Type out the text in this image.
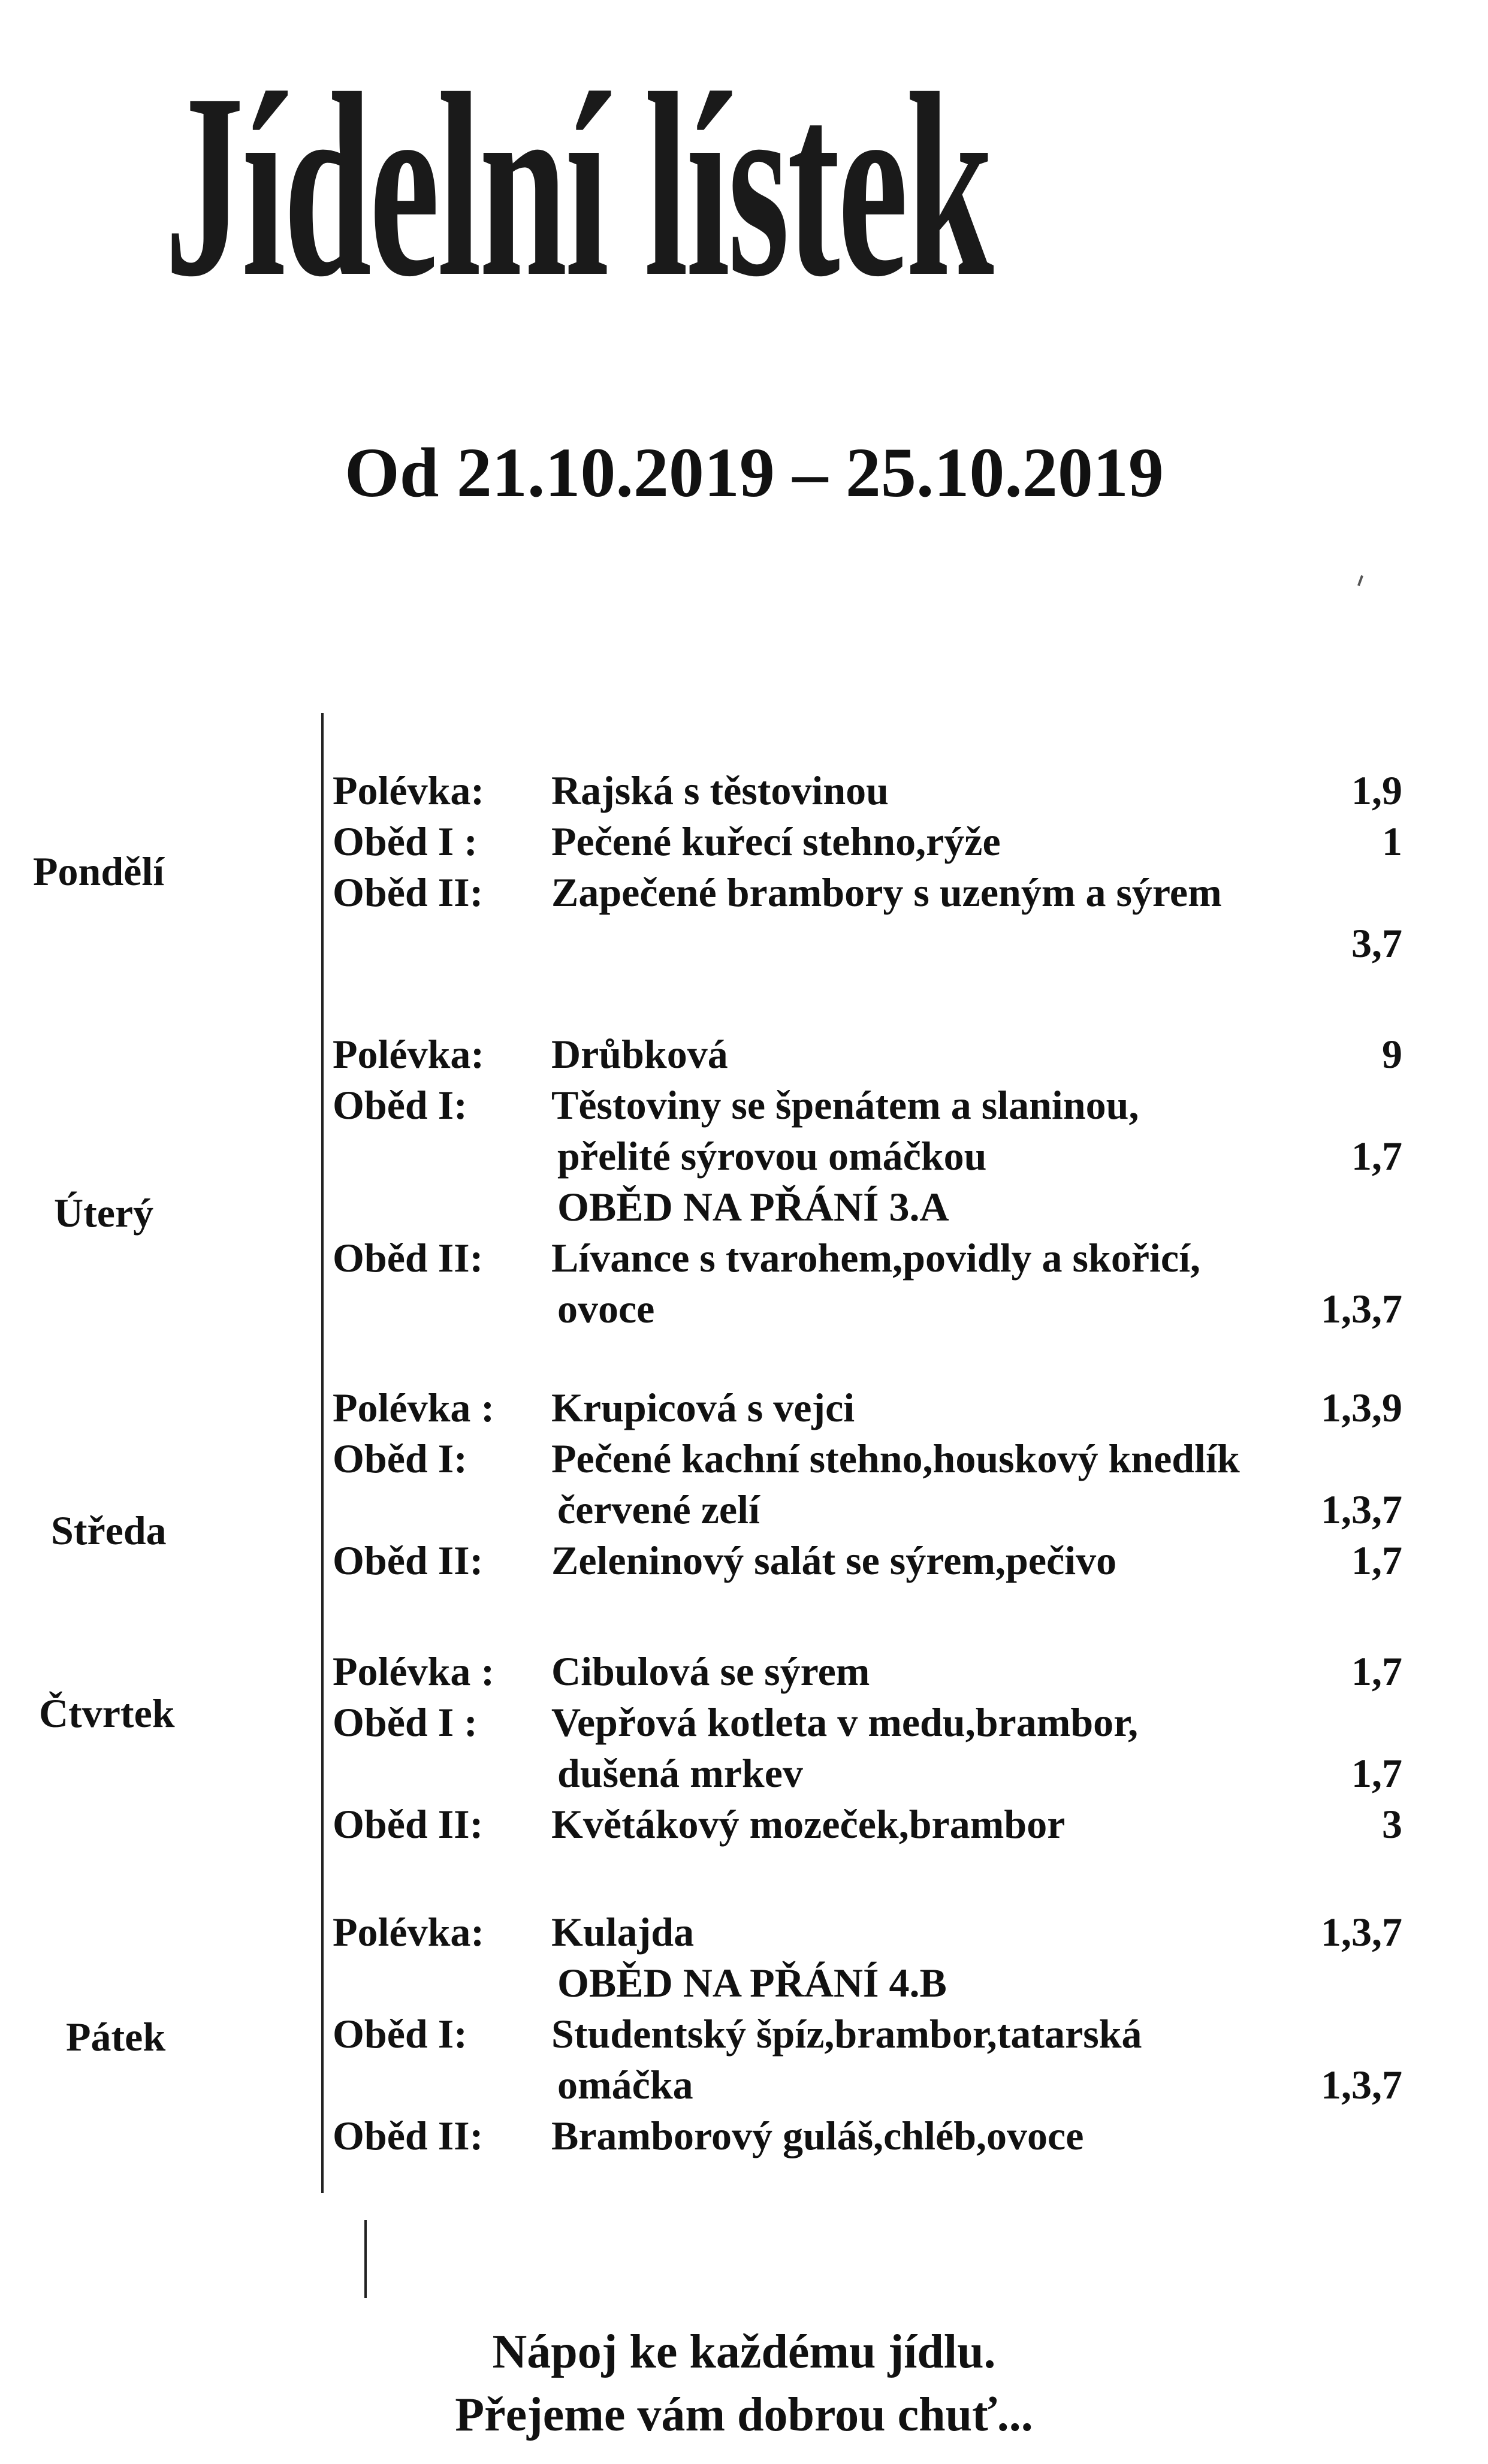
Jídelní lístek
Od 21.10.2019 – 25.10.2019
Pondělí
Polévka: Rajská s těstovinou	1,9
Oběd I : Pečené kuřecí stehno,rýže	1
Oběd II: Zapečené brambory s uzeným a sýrem
3,7
Úterý
Polévka: Drůbková	9
Oběd I: Těstoviny se špenátem a slaninou,
přelité sýrovou omáčkou	1,7
OBĚD NA PŘÁNÍ 3.A
Oběd II: Lívance s tvarohem,povidly a skořicí,
ovoce	1,3,7
Středa
Polévka : Krupicová s vejci	1,3,9
Oběd I: Pečené kachní stehno,houskový knedlík
červené zelí	1,3,7
Oběd II: Zeleninový salát se sýrem,pečivo	1,7
Čtvrtek
Polévka : Cibulová se sýrem	1,7
Oběd I : Vepřová kotleta v medu,brambor,
dušená mrkev	1,7
Oběd II: Květákový mozeček,brambor	3
Pátek
Polévka: Kulajda	1,3,7
OBĚD NA PŘÁNÍ 4.B
Oběd I: Studentský špíz,brambor,tatarská
omáčka	1,3,7
Oběd II: Bramborový guláš,chléb,ovoce
Nápoj ke každému jídlu.
Přejeme vám dobrou chuť...
